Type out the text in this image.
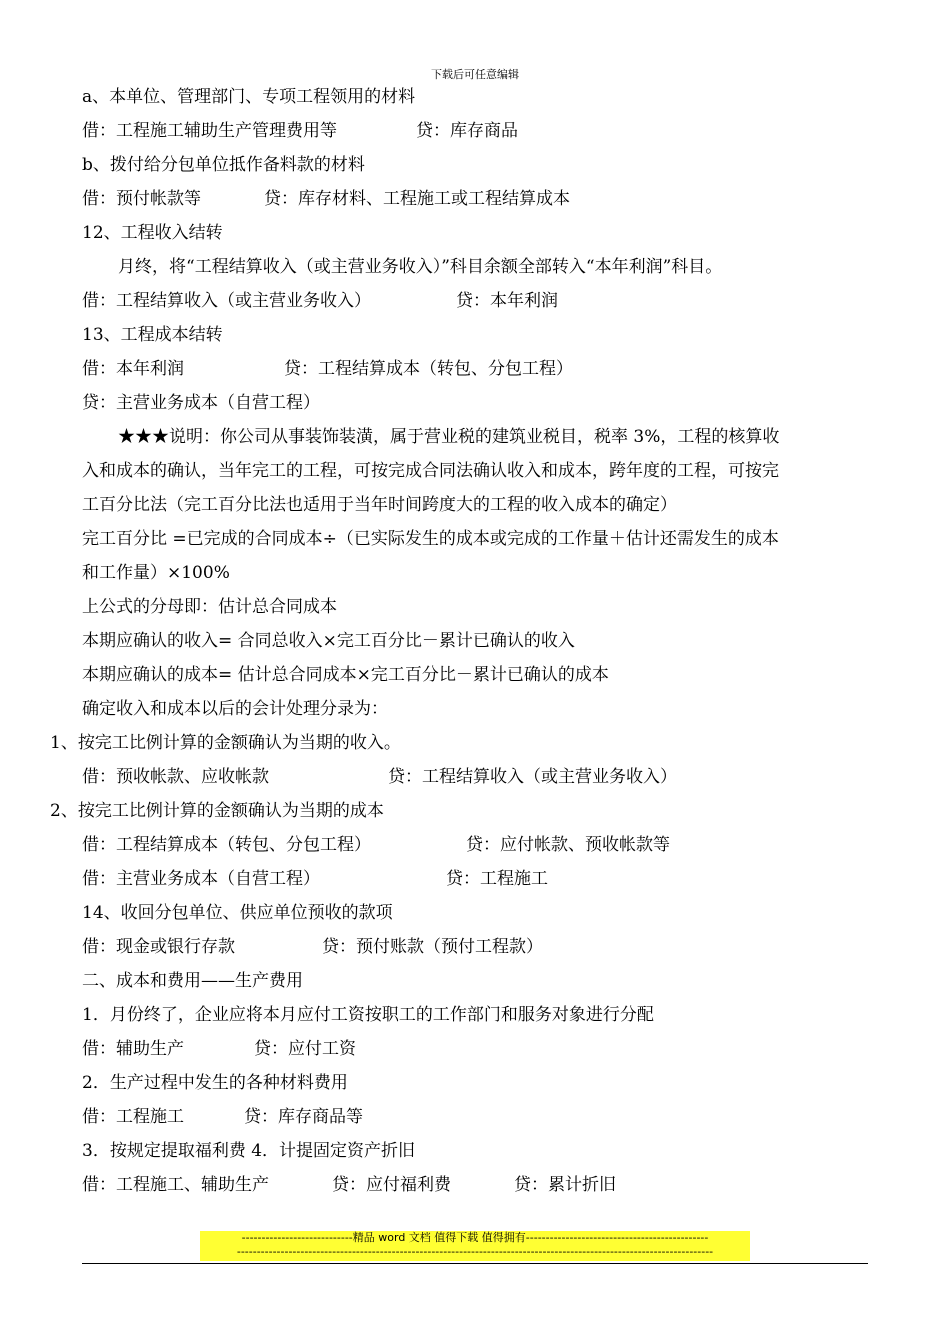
下载后可任意编辑
a、本单位、管理部门、专项工程领用的材料
借：工程施工辅助生产管理费用等	贷：库存商品
b、拨付给分包单位抵作备料款的材料
借：预付帐款等	贷：库存材料、工程施工或工程结算成本
12、工程收入结转
月终，将“工程结算收入（或主营业务收入）”科目余额全部转入“本年利润”科目。
借：工程结算收入（或主营业务收入）	贷：本年利润
13、工程成本结转
借：本年利润	贷：工程结算成本（转包、分包工程）
贷：主营业务成本（自营工程）
★★★说明：你公司从事装饰装潢，属于营业税的建筑业税目，税率 3%，工程的核算收
入和成本的确认，当年完工的工程，可按完成合同法确认收入和成本，跨年度的工程，可按完
工百分比法（完工百分比法也适用于当年时间跨度大的工程的收入成本的确定）
完工百分比 =已完成的合同成本÷（已实际发生的成本或完成的工作量＋估计还需发生的成本
和工作量）×100%
上公式的分母即：估计总合同成本
本期应确认的收入= 合同总收入×完工百分比－累计已确认的收入
本期应确认的成本= 估计总合同成本×完工百分比－累计已确认的成本
确定收入和成本以后的会计处理分录为：
1、按完工比例计算的金额确认为当期的收入。
借：预收帐款、应收帐款	贷：工程结算收入（或主营业务收入）
2、按完工比例计算的金额确认为当期的成本
借：工程结算成本（转包、分包工程）	贷：应付帐款、预收帐款等
借：主营业务成本（自营工程）	贷：工程施工
14、收回分包单位、供应单位预收的款项
借：现金或银行存款	贷：预付账款（预付工程款）
二、成本和费用——生产费用
1．月份终了，企业应将本月应付工资按职工的工作部门和服务对象进行分配
借：辅助生产	贷：应付工资
2．生产过程中发生的各种材料费用
借：工程施工	贷：库存商品等
3．按规定提取福利费 4．计提固定资产折旧
借：工程施工、辅助生产	贷：应付福利费	贷：累计折旧
----------------------------精品 word 文档 值得下载 值得拥有----------------------------------------------
------------------------------------------------------------------------------------------------------------------------
